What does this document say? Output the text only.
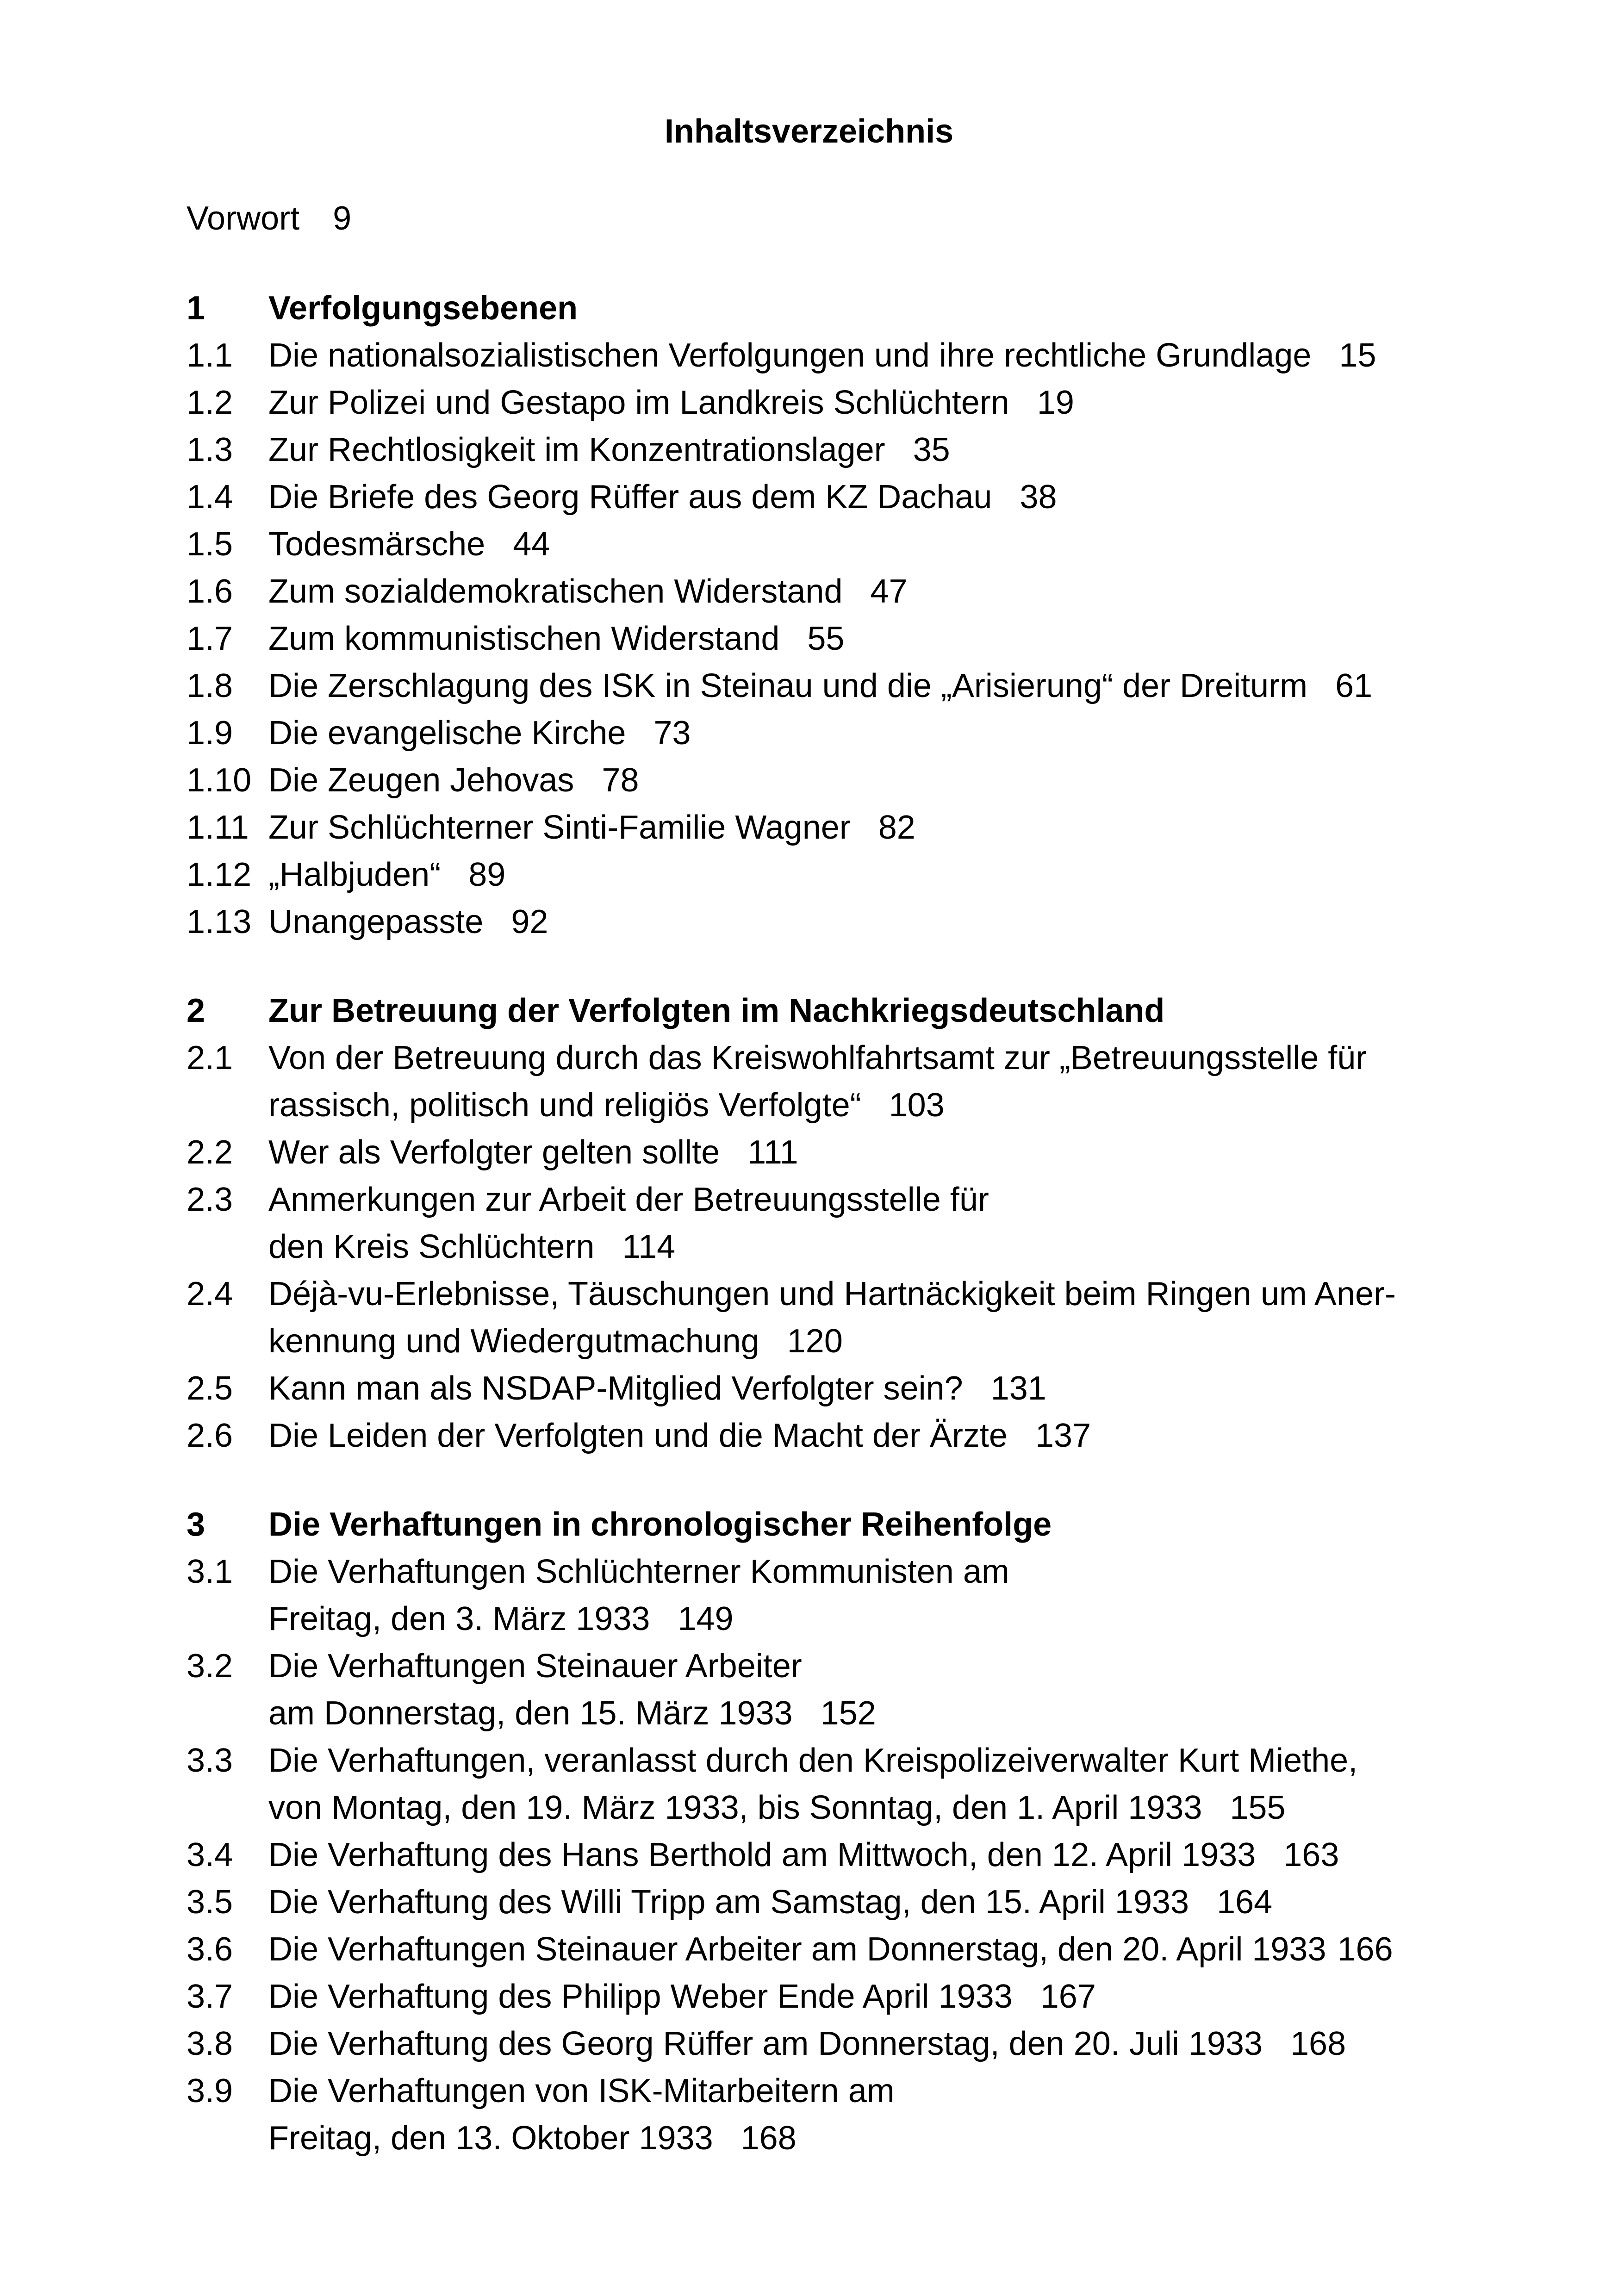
Inhaltsverzeichnis
Vorwort 9
1 Verfolgungsebenen
1.1 Die nationalsozialistischen Verfolgungen und ihre rechtliche Grundlage 15
1.2 Zur Polizei und Gestapo im Landkreis Schlüchtern 19
1.3 Zur Rechtlosigkeit im Konzentrationslager 35
1.4 Die Briefe des Georg Rüffer aus dem KZ Dachau 38
1.5 Todesmärsche 44
1.6 Zum sozialdemokratischen Widerstand 47
1.7 Zum kommunistischen Widerstand 55
1.8 Die Zerschlagung des ISK in Steinau und die „Arisierung“ der Dreiturm 61
1.9 Die evangelische Kirche 73
1.10 Die Zeugen Jehovas 78
1.11 Zur Schlüchterner Sinti-Familie Wagner 82
1.12 „Halbjuden“ 89
1.13 Unangepasste 92
2 Zur Betreuung der Verfolgten im Nachkriegsdeutschland
2.1 Von der Betreuung durch das Kreiswohlfahrtsamt zur „Betreuungsstelle für
rassisch, politisch und religiös Verfolgte“ 103
2.2 Wer als Verfolgter gelten sollte 111
2.3 Anmerkungen zur Arbeit der Betreuungsstelle für
den Kreis Schlüchtern 114
2.4 Déjà-vu-Erlebnisse, Täuschungen und Hartnäckigkeit beim Ringen um Aner-
kennung und Wiedergutmachung 120
2.5 Kann man als NSDAP-Mitglied Verfolgter sein? 131
2.6 Die Leiden der Verfolgten und die Macht der Ärzte 137
3 Die Verhaftungen in chronologischer Reihenfolge
3.1 Die Verhaftungen Schlüchterner Kommunisten am
Freitag, den 3. März 1933 149
3.2 Die Verhaftungen Steinauer Arbeiter
am Donnerstag, den 15. März 1933 152
3.3 Die Verhaftungen, veranlasst durch den Kreispolizeiverwalter Kurt Miethe,
von Montag, den 19. März 1933, bis Sonntag, den 1. April 1933 155
3.4 Die Verhaftung des Hans Berthold am Mittwoch, den 12. April 1933 163
3.5 Die Verhaftung des Willi Tripp am Samstag, den 15. April 1933 164
3.6 Die Verhaftungen Steinauer Arbeiter am Donnerstag, den 20. April 1933 166
3.7 Die Verhaftung des Philipp Weber Ende April 1933 167
3.8 Die Verhaftung des Georg Rüffer am Donnerstag, den 20. Juli 1933 168
3.9 Die Verhaftungen von ISK-Mitarbeitern am
Freitag, den 13. Oktober 1933 168
